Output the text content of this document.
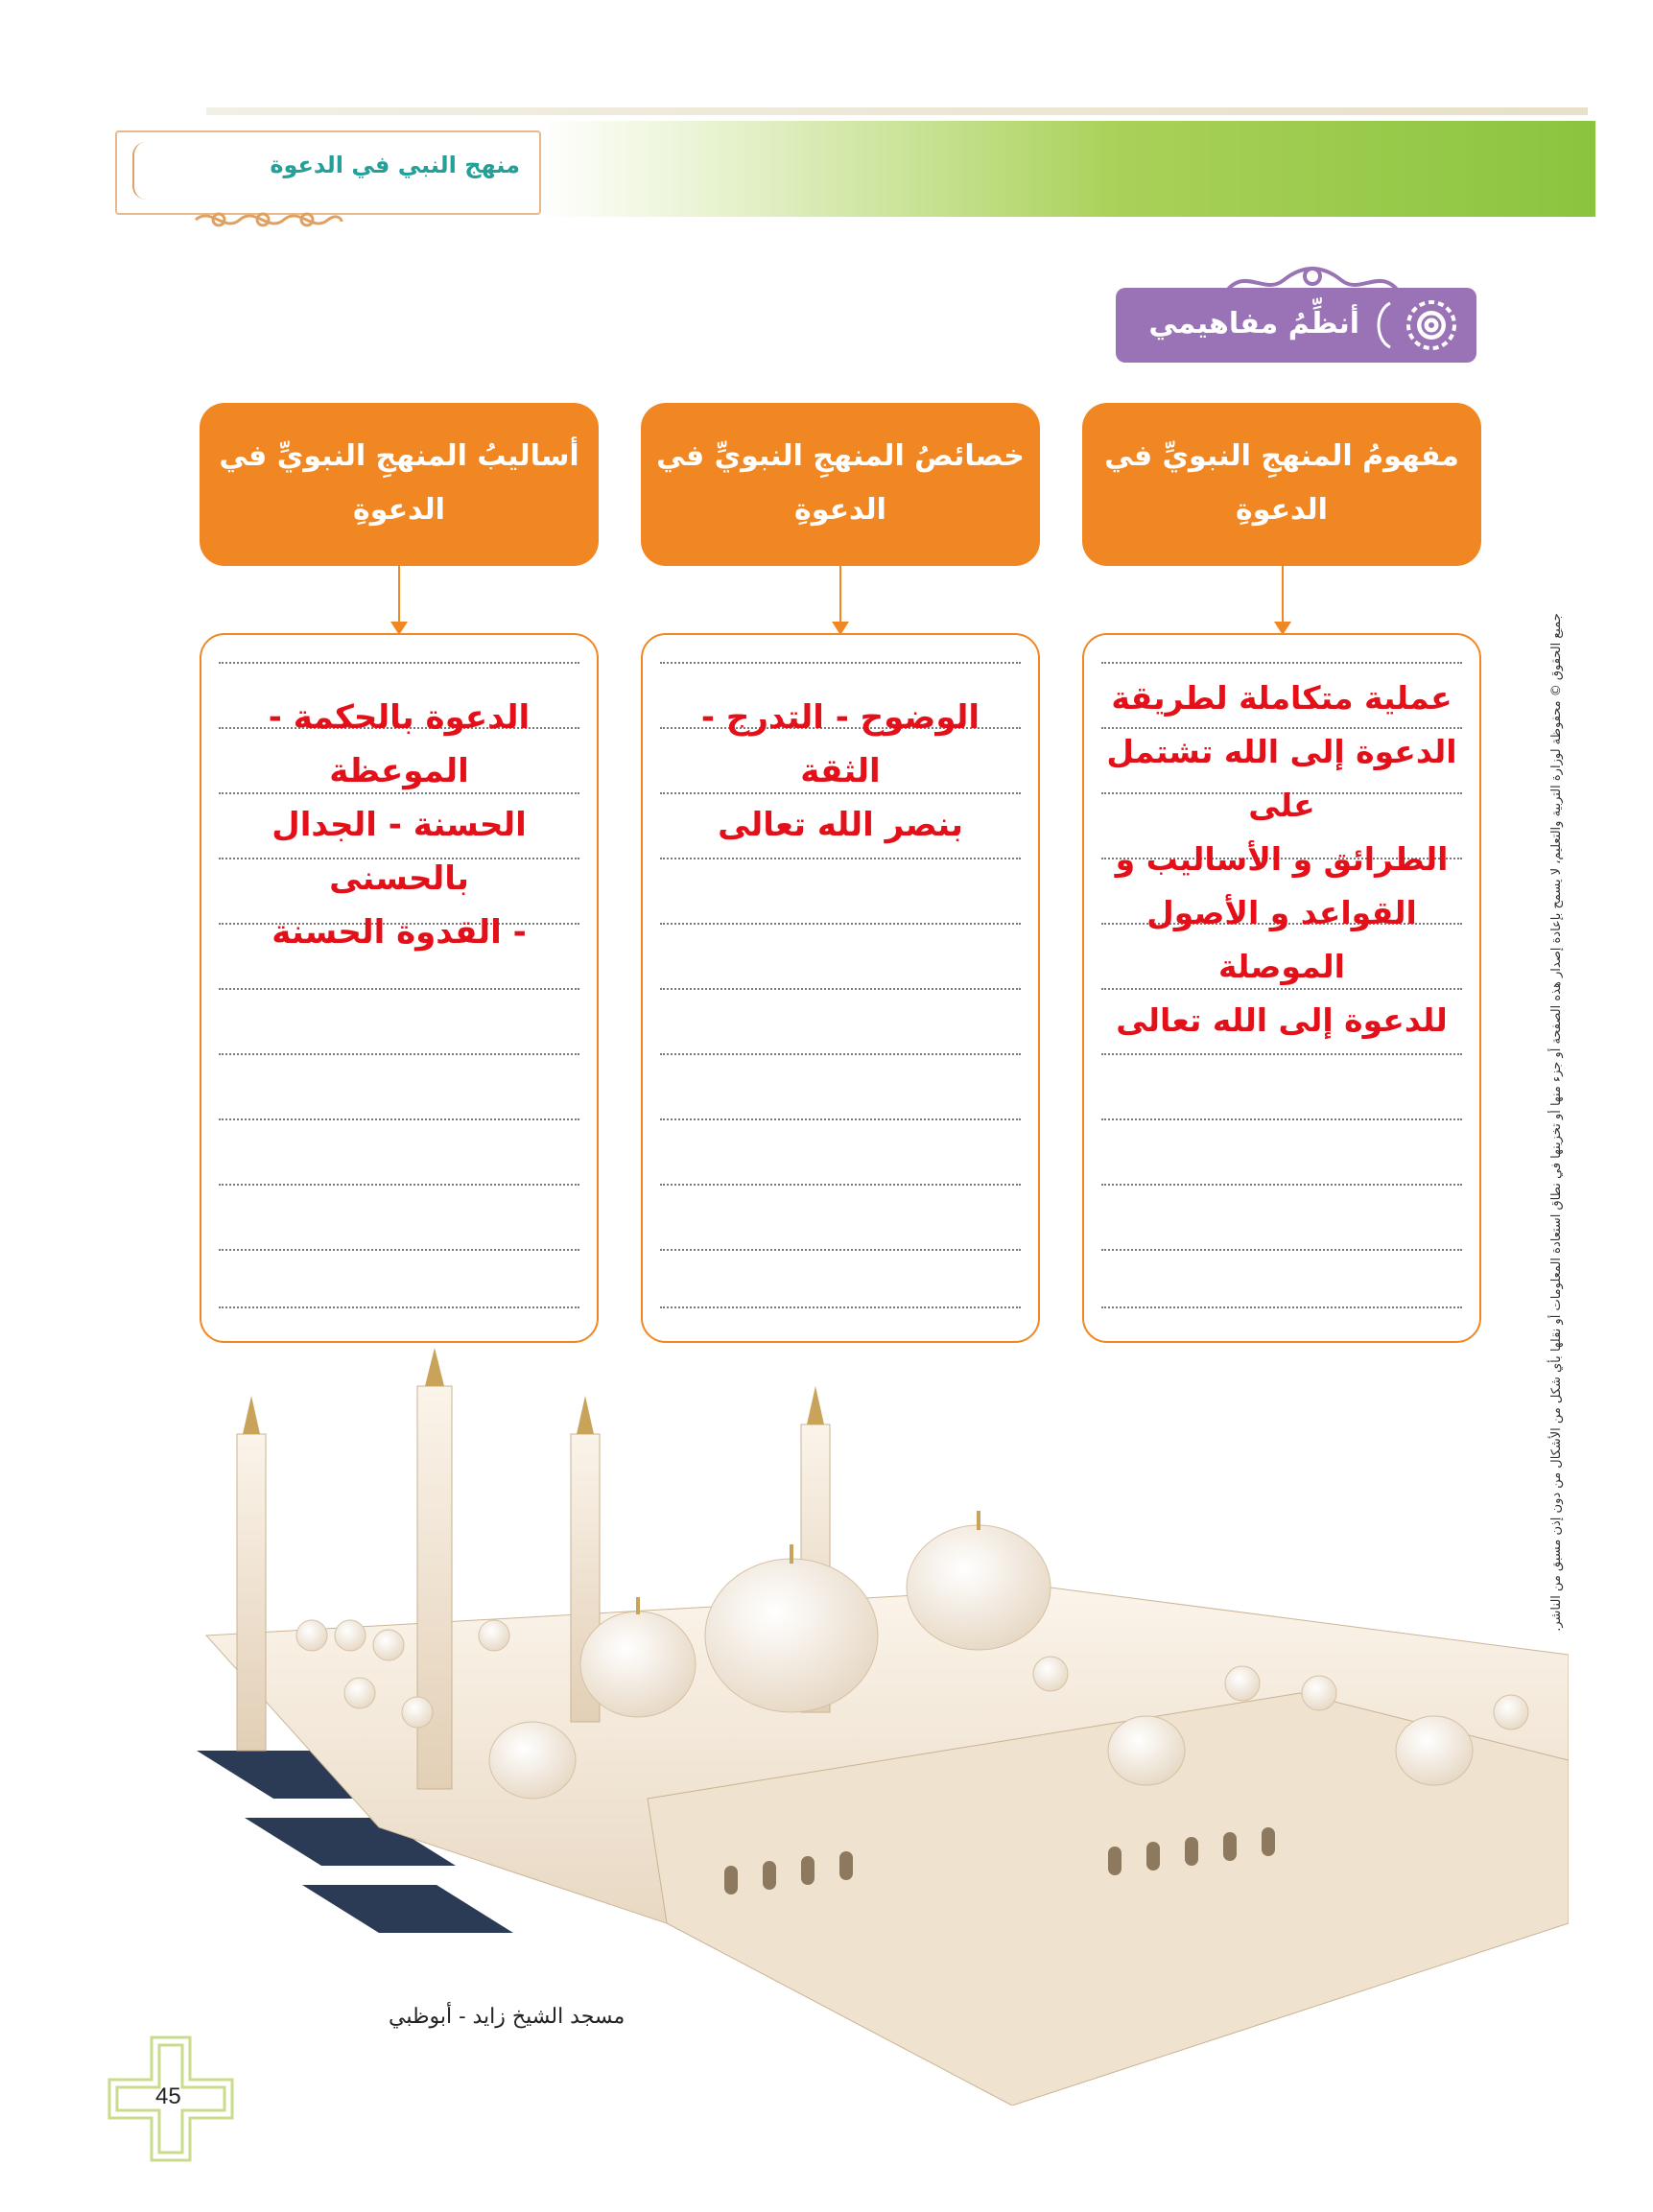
منهج النبي في الدعوة
أنظِّمُ مفاهيمي
مفهومُ المنهجِ النبويِّ في
الدعوةِ
عملية متكاملة لطريقة
الدعوة إلى الله تشتمل على
الطرائق و الأساليب و
القواعد و الأصول الموصلة
للدعوة إلى الله تعالى
خصائصُ المنهجِ النبويِّ في
الدعوةِ
الوضوح - التدرج - الثقة
بنصر الله تعالى
أساليبُ المنهجِ النبويِّ في
الدعوةِ
الدعوة بالحكمة - الموعظة
الحسنة - الجدال بالحسنى
- القدوة الحسنة	جميع الحقوق © محفوظة لوزارة التربية والتعليم، لا يسمح بإعادة إصدار هذه الصفحة أو جزء منها أو تخزينها في نطاق استعادة المعلومات أو نقلها بأي شكل من الأشكال من دون إذن مسبق من الناشر.
مسجد الشيخ زايد - أبوظبي
45
